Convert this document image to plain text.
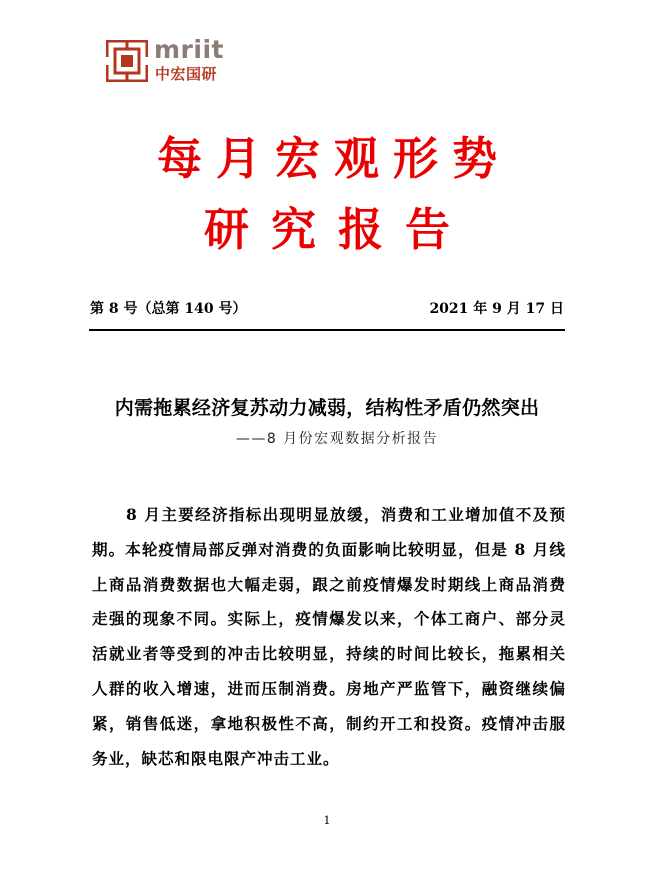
mriit
中宏国研
每月宏观形势
研究报告
第 8 号（总第 140 号）	2021 年 9 月 17 日
内需拖累经济复苏动力减弱，结构性矛盾仍然突出
——8 月份宏观数据分析报告
8 月主要经济指标出现明显放缓，消费和工业增加值不及预期。本轮疫情局部反弹对消费的负面影响比较明显，但是 8 月线上商品消费数据也大幅走弱，跟之前疫情爆发时期线上商品消费走强的现象不同。实际上，疫情爆发以来，个体工商户、部分灵活就业者等受到的冲击比较明显，持续的时间比较长，拖累相关人群的收入增速，进而压制消费。房地产严监管下，融资继续偏紧，销售低迷，拿地积极性不高，制约开工和投资。疫情冲击服务业，缺芯和限电限产冲击工业。
1
